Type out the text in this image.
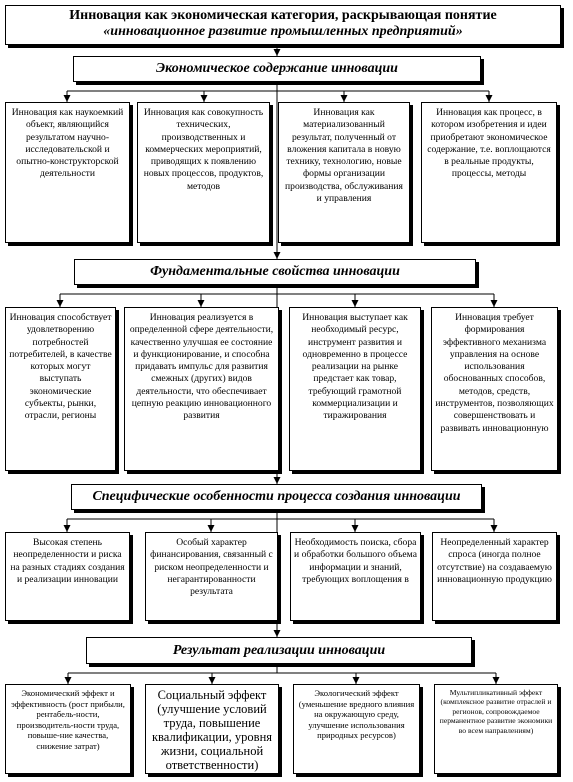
Инновация как экономическая категория, раскрывающая понятие
«инновационное развитие промышленных предприятий»
Экономическое содержание инновации
Инновация как наукоемкий объект, являющийся результатом научно-исследовательской и опытно-конструкторской деятельности
Инновация как совокупность технических, производственных и коммерческих мероприятий, приводящих к появлению новых процессов, продуктов, методов
Инновация как материализованный результат, полученный от вложения капитала в новую технику, технологию, новые формы организации производства, обслуживания и управления
Инновация как процесс, в котором изобретения и идеи приобретают экономическое содержание, т.е. воплощаются в реальные продукты, процессы, методы
Фундаментальные свойства инновации
Инновация способствует удовлетворению потребностей потребителей, в качестве которых могут выступать экономические субъекты, рынки, отрасли, регионы
Инновация реализуется в определенной сфере деятельности, качественно улучшая ее состояние и функционирование, и способна придавать импульс для развития смежных (других) видов деятельности, что обеспечивает цепную реакцию инновационного развития
Инновация выступает как необходимый ресурс, инструмент развития и одновременно в процессе реализации на рынке предстает как товар, требующий грамотной коммерциализации и тиражирования
Инновация требует формирования эффективного механизма управления на основе использования обоснованных способов, методов, средств, инструментов, позволяющих совершенствовать и развивать инновационную
Специфические особенности процесса создания инновации
Высокая степень неопределенности и риска на разных стадиях создания и реализации инновации
Особый характер финансирования, связанный с риском неопределенности и негарантированности результата
Необходимость поиска, сбора и обработки большого объема информации и знаний, требующих воплощения в
Неопределенный характер спроса (иногда полное отсутствие) на создаваемую инновационную продукцию
Результат реализации инновации
Экономический эффект и эффективность (рост прибыли, рентабель-ности, производитель-ности труда, повыше-ние качества, снижение затрат)
Социальный эффект (улучшение условий труда, повышение квалификации, уровня жизни, социальной ответственности)
Экологический эффект (уменьшение вредного влияния на окружающую среду, улучшение использования природных ресурсов)
Мультипликативный эффект (комплексное развитие отраслей и регионов, сопровождаемое перманентное развитие экономики во всем направлениям)
